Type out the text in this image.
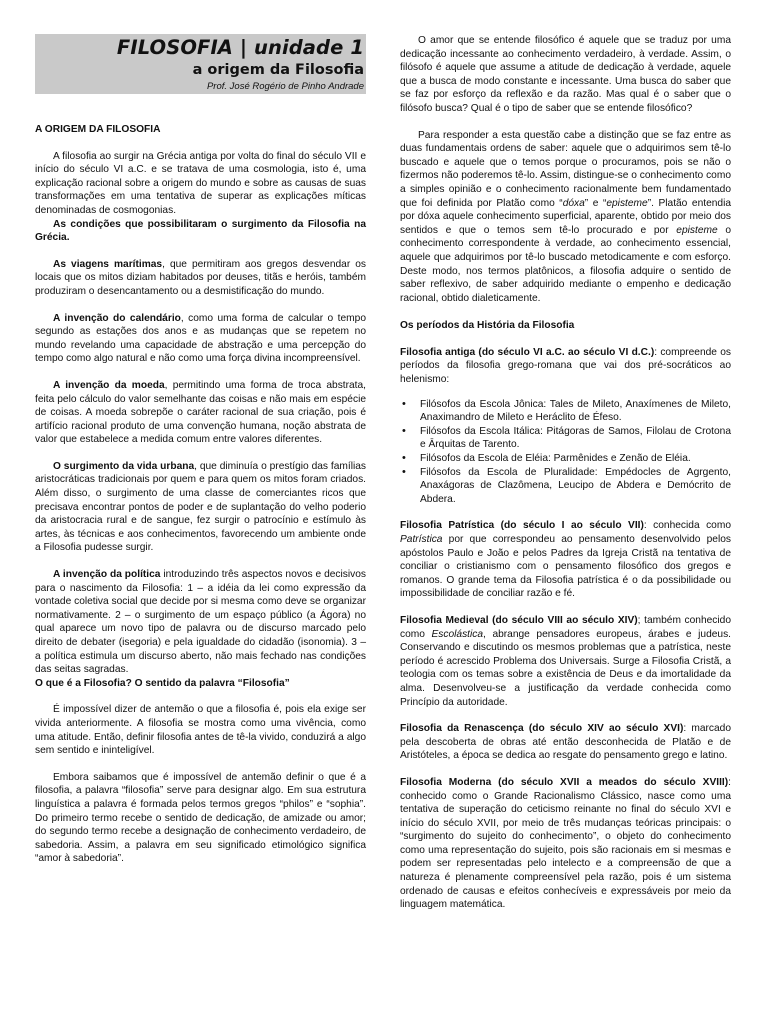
FILOSOFIA | unidade 1
a origem da Filosofia
Prof. José Rogério de Pinho Andrade

A ORIGEM DA FILOSOFIA

A filosofia ao surgir na Grécia antiga por volta do final do século VII e início do século VI a.C. e se tratava de uma cosmologia, isto é, uma explicação racional sobre a origem do mundo e sobre as causas de suas transformações em uma tentativa de superar as explicações míticas denominadas de cosmogonias.

As condições que possibilitaram o surgimento da Filosofia na Grécia.

As viagens marítimas, que permitiram aos gregos desvendar os locais que os mitos diziam habitados por deuses, titãs e heróis, também produziram o desencantamento ou a desmistificação do mundo.

A invenção do calendário, como uma forma de calcular o tempo segundo as estações dos anos e as mudanças que se repetem no mundo revelando uma capacidade de abstração e uma percepção do tempo como algo natural e não como uma força divina incompreensível.

A invenção da moeda, permitindo uma forma de troca abstrata, feita pelo cálculo do valor semelhante das coisas e não mais em espécie de coisas. A moeda sobrepõe o caráter racional de sua criação, pois é artifício racional produto de uma convenção humana, noção abstrata de valor que estabelece a medida comum entre valores diferentes.

O surgimento da vida urbana, que diminuía o prestígio das famílias aristocráticas tradicionais por quem e para quem os mitos foram criados. Além disso, o surgimento de uma classe de comerciantes ricos que precisava encontrar pontos de poder e de suplantação do velho poderio da aristocracia rural e de sangue, fez surgir o patrocínio e estímulo às artes, às técnicas e aos conhecimentos, favorecendo um ambiente onde a Filosofia pudesse surgir.

A invenção da política introduzindo três aspectos novos e decisivos para o nascimento da Filosofia: 1 – a idéia da lei como expressão da vontade coletiva social que decide por si mesma como deve se organizar normativamente. 2 – o surgimento de um espaço público (a Ágora) no qual aparece um novo tipo de palavra ou de discurso marcado pelo direito de debater (isegoria) e pela igualdade do cidadão (isonomia). 3 – a política estimula um discurso aberto, não mais fechado nas condições das seitas sagradas.

O que é a Filosofia? O sentido da palavra “Filosofia”

É impossível dizer de antemão o que a filosofia é, pois ela exige ser vivida anteriormente. A filosofia se mostra como uma vivência, como uma atitude. Então, definir filosofia antes de tê-la vivido, conduzirá a algo sem sentido e ininteligível.

Embora saibamos que é impossível de antemão definir o que é a filosofia, a palavra “filosofia” serve para designar algo. Em sua estrutura linguística a palavra é formada pelos termos gregos “philos” e “sophia”. Do primeiro termo recebe o sentido de dedicação, de amizade ou amor; do segundo termo recebe a designação de conhecimento verdadeiro, de sabedoria. Assim, a palavra em seu significado etimológico significa “amor à sabedoria”.

O amor que se entende filosófico é aquele que se traduz por uma dedicação incessante ao conhecimento verdadeiro, à verdade. Assim, o filósofo é aquele que assume a atitude de dedicação à verdade, aquele que a busca de modo constante e incessante. Uma busca do saber que se faz por esforço da reflexão e da razão. Mas qual é o saber que o filósofo busca? Qual é o tipo de saber que se entende filosófico?

Para responder a esta questão cabe a distinção que se faz entre as duas fundamentais ordens de saber: aquele que o adquirimos sem tê-lo buscado e aquele que o temos porque o procuramos, pois se não o fizermos não poderemos tê-lo. Assim, distingue-se o conhecimento como a simples opinião e o conhecimento racionalmente bem fundamentado que foi definida por Platão como “dóxa” e “episteme”. Platão entendia por dóxa aquele conhecimento superficial, aparente, obtido por meio dos sentidos e que o temos sem tê-lo procurado e por episteme o conhecimento correspondente à verdade, ao conhecimento essencial, aquele que adquirimos por tê-lo buscado metodicamente e com esforço. Deste modo, nos termos platônicos, a filosofia adquire o sentido de saber reflexivo, de saber adquirido mediante o empenho e dedicação racional, obtido dialeticamente.

Os períodos da História da Filosofia

Filosofia antiga (do século VI a.C. ao século VI d.C.): compreende os períodos da filosofia grego-romana que vai dos pré-socráticos ao helenismo:

• Filósofos da Escola Jônica: Tales de Mileto, Anaxímenes de Mileto, Anaximandro de Mileto e Heráclito de Éfeso.
• Filósofos da Escola Itálica: Pitágoras de Samos, Filolau de Crotona e Ārquitas de Tarento.
• Filósofos da Escola de Eléia: Parmênides e Zenão de Eléia.
• Filósofos da Escola de Pluralidade: Empédocles de Agrgento, Anaxágoras de Clazômena, Leucipo de Abdera e Demócrito de Abdera.

Filosofia Patrística (do século I ao século VII): conhecida como Patrística por que correspondeu ao pensamento desenvolvido pelos apóstolos Paulo e João e pelos Padres da Igreja Cristã na tentativa de conciliar o cristianismo com o pensamento filosófico dos gregos e romanos. O grande tema da Filosofia patrística é o da possibilidade ou impossibilidade de conciliar razão e fé.

Filosofia Medieval (do século VIII ao século XIV); também conhecido como Escolástica, abrange pensadores europeus, árabes e judeus. Conservando e discutindo os mesmos problemas que a patrística, neste período é acrescido Problema dos Universais. Surge a Filosofia Cristã, a teologia com os temas sobre a existência de Deus e da imortalidade da alma. Desenvolveu-se a justificação da verdade conhecida como Princípio da autoridade.

Filosofia da Renascença (do século XIV ao século XVI): marcado pela descoberta de obras até então desconhecida de Platão e de Aristóteles, a época se dedica ao resgate do pensamento grego e latino.

Filosofia Moderna (do século XVII a meados do século XVIII): conhecido como o Grande Racionalismo Clássico, nasce como uma tentativa de superação do ceticismo reinante no final do século XVI e início do século XVII, por meio de três mudanças teóricas principais: o “surgimento do sujeito do conhecimento”, o objeto do conhecimento como uma representação do sujeito, pois são racionais em si mesmas e podem ser representadas pelo intelecto e a compreensão de que a natureza é plenamente compreensível pela razão, pois é um sistema ordenado de causas e efeitos conhecíveis e expressáveis por meio da linguagem matemática.
